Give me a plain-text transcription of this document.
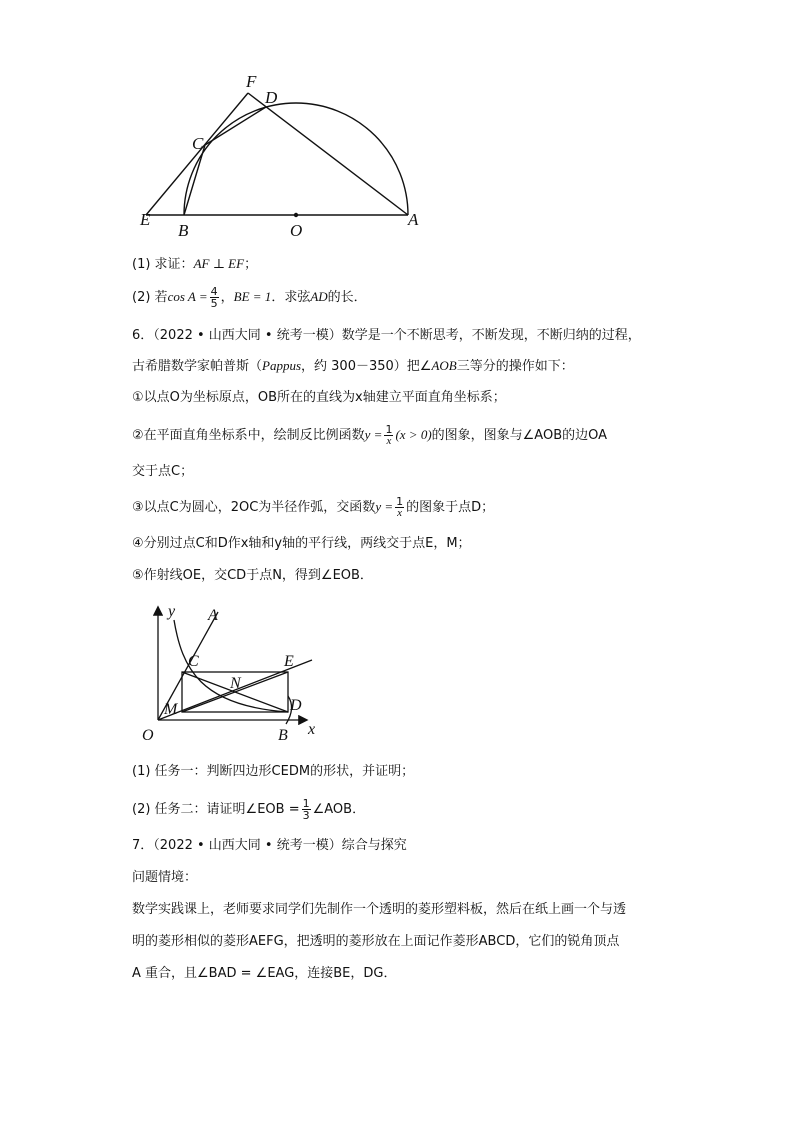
F
D
C
E
B	O
A
(1) 求证：AF ⊥ EF；
(2) 若$\cos A = \frac{4}{5}$ ，BE = 1．求弦AD的长．
6．（2022 • 山西大同 • 统考一模）数学是一个不断思考，不断发现，不断归纳的过程，
古希腊数学家帕普斯（Pappus，约 300－350）把∠AOB三等分的操作如下：
①以点O为坐标原点，OB所在的直线为x轴建立平面直角坐标系；
②在平面直角坐标系中，绘制反比例函数$y = \frac{1}{x} (x > 0)$的图象，图象与∠AOB的边OA
交于点C；
③以点C为圆心，2OC为半径作弧，交函数$y = \frac{1}{x}$ 的图象于点D；
④分别过点C和D作x轴和y轴的平行线，两线交于点E，M；
⑤作射线OE，交CD于点N，得到∠EOB．
y A
C	E
N
M	D
O	B x
(1) 任务一：判断四边形CEDM的形状，并证明；
(2) 任务二：请证明∠EOB = $\frac{1}{3}$ ∠AOB．
7．（2022 • 山西大同 • 统考一模）综合与探究
问题情境：
数学实践课上，老师要求同学们先制作一个透明的菱形塑料板，然后在纸上画一个与透
明的菱形相似的菱形AEFG，把透明的菱形放在上面记作菱形ABCD，它们的锐角顶点
A 重合，且∠BAD = ∠EAG，连接BE，DG．
